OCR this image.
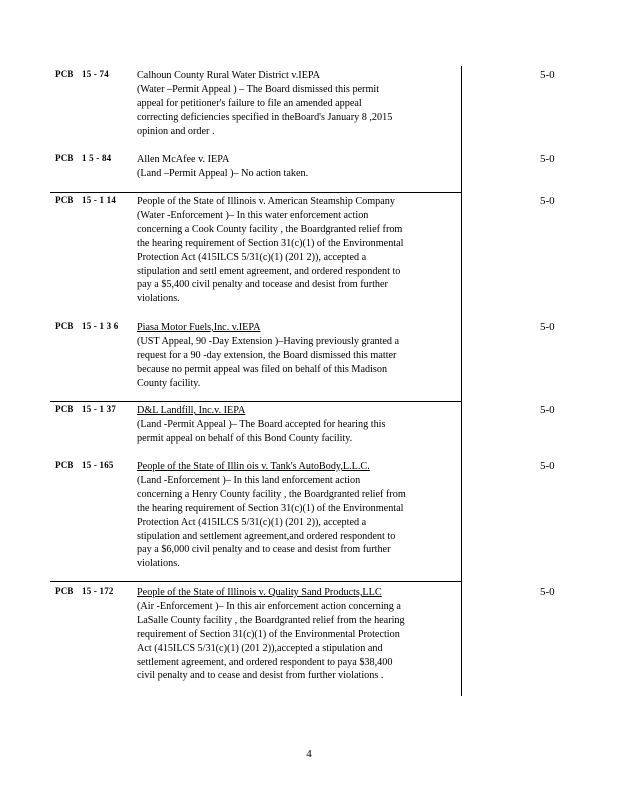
PCB 15 - 74	Calhoun County Rural Water District v.IEPA
(Water –Permit Appeal ) – The Board dismissed this permit
appeal for petitioner's failure to file an amended appeal
correcting deficiencies specified in theBoard's January 8 ,2015
opinion and order .
5-0
PCB 1 5 - 84	Allen McAfee v. IEPA
(Land –Permit Appeal )– No action taken.
5-0
PCB 15 - 1 14 People of the State of Illinois v. American Steamship Company
(Water -Enforcement )– In this water enforcement action
concerning a Cook County facility , the Boardgranted relief from
the hearing requirement of Section 31(c)(1) of the Environmental
Protection Act (415ILCS 5/31(c)(1) (201 2)), accepted a
stipulation and settl ement agreement, and ordered respondent to
pay a $5,400 civil penalty and tocease and desist from further
violations.
5-0
PCB 15 - 1 3 6 Piasa Motor Fuels,Inc. v.IEPA
(UST Appeal, 90 -Day Extension )–Having previously granted a
request for a 90 -day extension, the Board dismissed this matter
because no permit appeal was filed on behalf of this Madison
County facility.
5-0
PCB 15 - 1 37 D&L Landfill, Inc.v. IEPA
(Land -Permit Appeal )– The Board accepted for hearing this
permit appeal on behalf of this Bond County facility.
5-0
PCB 15 - 165 People of the State of Illin ois v. Tank's AutoBody,L.L.C.
(Land -Enforcement )– In this land enforcement action
concerning a Henry County facility , the Boardgranted relief from
the hearing requirement of Section 31(c)(1) of the Environmental
Protection Act (415ILCS 5/31(c)(1) (201 2)), accepted a
stipulation and settlement agreement,and ordered respondent to
pay a $6,000 civil penalty and to cease and desist from further
violations.
5-0
PCB 15 - 172 People of the State of Illinois v. Quality Sand Products,LLC
(Air -Enforcement )– In this air enforcement action concerning a
LaSalle County facility , the Boardgranted relief from the hearing
requirement of Section 31(c)(1) of the Environmental Protection
Act (415ILCS 5/31(c)(1) (201 2)),accepted a stipulation and
settlement agreement, and ordered respondent to paya $38,400
civil penalty and to cease and desist from further violations .
5-0
4
